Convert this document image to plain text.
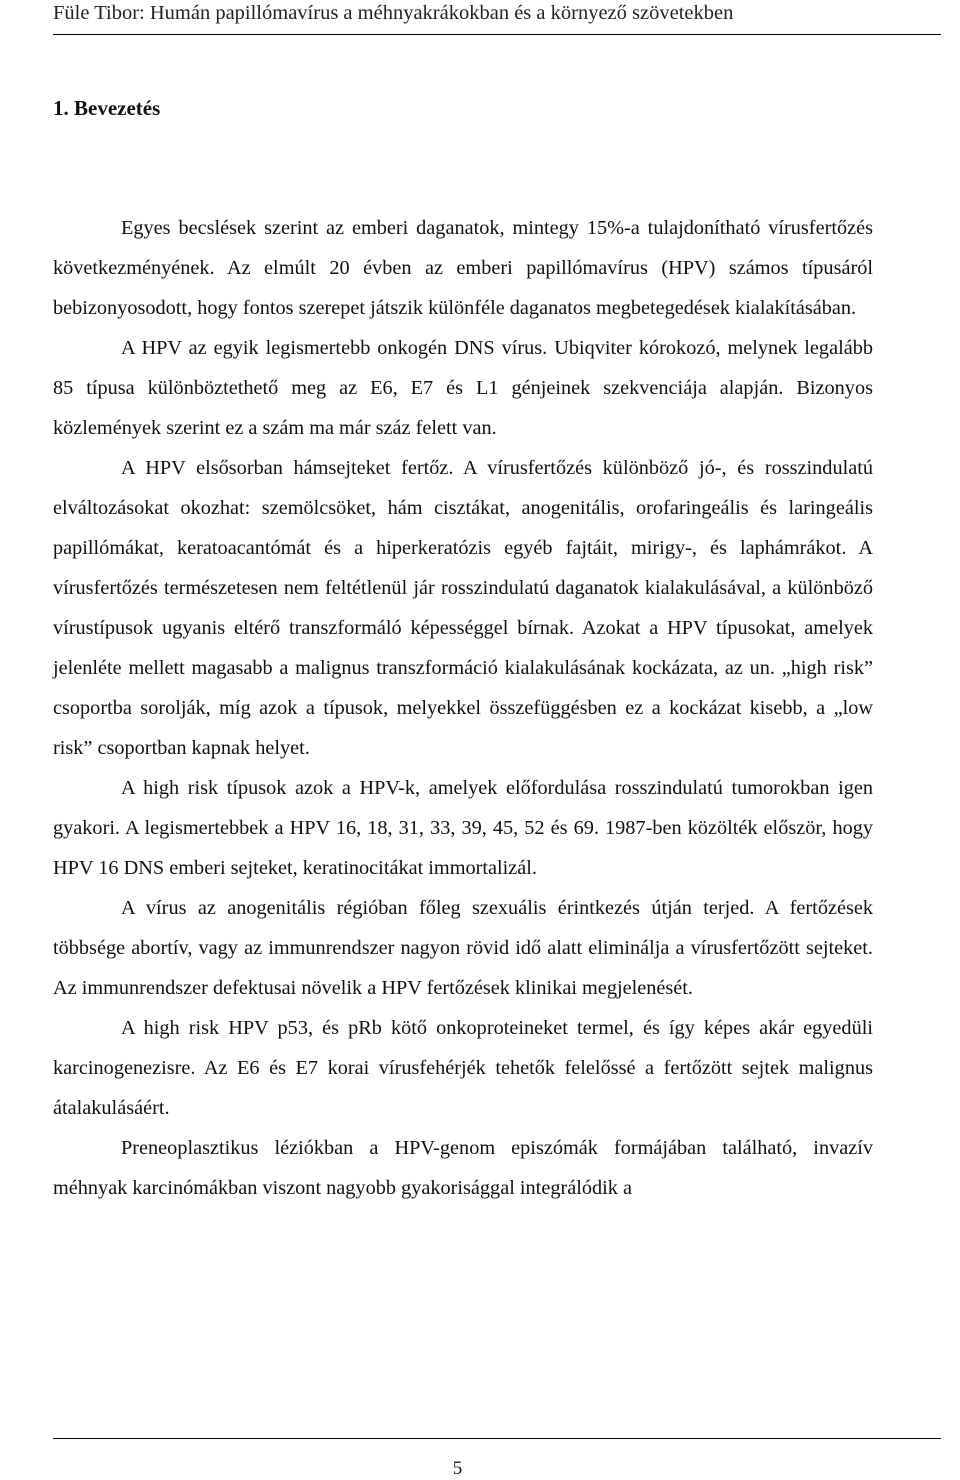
Füle Tibor: Humán papillómavírus a méhnyakrákokban és a környező szövetekben
1. Bevezetés

Egyes becslések szerint az emberi daganatok, mintegy 15%-a tulajdonítható vírusfertőzés következményének. Az elmúlt 20 évben az emberi papillómavírus (HPV) számos típusáról bebizonyosodott, hogy fontos szerepet játszik különféle daganatos megbetegedések kialakításában.

A HPV az egyik legismertebb onkogén DNS vírus. Ubiqviter kórokozó, melynek legalább 85 típusa különböztethető meg az E6, E7 és L1 génjeinek szekvenciája alapján. Bizonyos közlemények szerint ez a szám ma már száz felett van.

A HPV elsősorban hámsejteket fertőz. A vírusfertőzés különböző jó-, és rosszindulatú elváltozásokat okozhat: szemölcsöket, hám cisztákat, anogenitális, orofaringeális és laringeális papillómákat, keratoacantómát és a hiperkeratózis egyéb fajtáit, mirigy-, és laphámrákot. A vírusfertőzés természetesen nem feltétlenül jár rosszindulatú daganatok kialakulásával, a különböző vírustípusok ugyanis eltérő transzformáló képességgel bírnak. Azokat a HPV típusokat, amelyek jelenléte mellett magasabb a malignus transzformáció kialakulásának kockázata, az un. „high risk” csoportba sorolják, míg azok a típusok, melyekkel összefüggésben ez a kockázat kisebb, a „low risk” csoportban kapnak helyet.

A high risk típusok azok a HPV-k, amelyek előfordulása rosszindulatú tumorokban igen gyakori. A legismertebbek a HPV 16, 18, 31, 33, 39, 45, 52 és 69. 1987-ben közölték először, hogy HPV 16 DNS emberi sejteket, keratinocitákat immortalizál.

A vírus az anogenitális régióban főleg szexuális érintkezés útján terjed. A fertőzések többsége abortív, vagy az immunrendszer nagyon rövid idő alatt eliminálja a vírusfertőzött sejteket. Az immunrendszer defektusai növelik a HPV fertőzések klinikai megjelenését.

A high risk HPV p53, és pRb kötő onkoproteineket termel, és így képes akár egyedüli karcinogenezisre. Az E6 és E7 korai vírusfehérjék tehetők felelőssé a fertőzött sejtek malignus átalakulásáért.

Preneoplasztikus léziókban a HPV-genom episzómák formájában található, invazív méhnyak karcinómákban viszont nagyobb gyakorisággal integrálódik a

5
